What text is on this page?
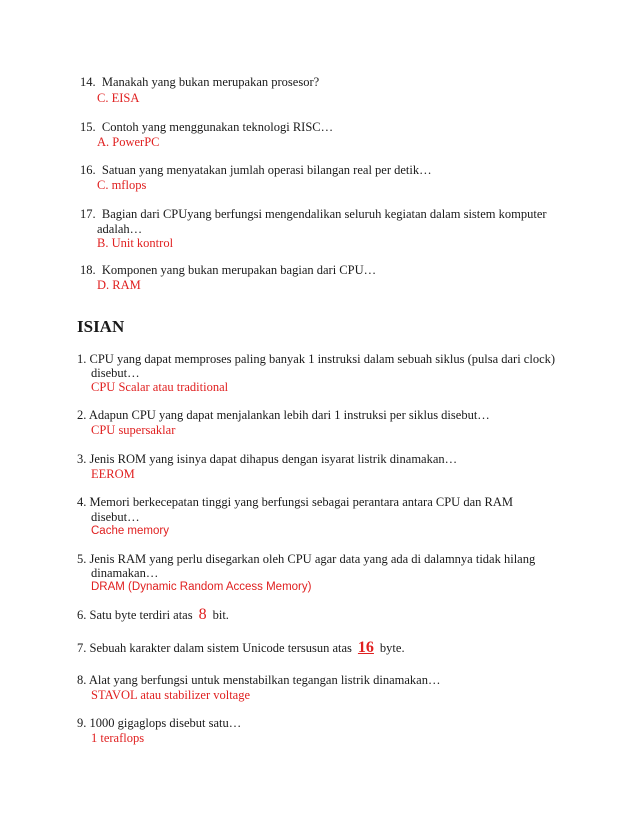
14. Manakah yang bukan merupakan prosesor?
C. EISA
15. Contoh yang menggunakan teknologi RISC…
A. PowerPC
16. Satuan yang menyatakan jumlah operasi bilangan real per detik…
C. mflops
17. Bagian dari CPUyang berfungsi mengendalikan seluruh kegiatan dalam sistem komputer
adalah…
B. Unit kontrol
18. Komponen yang bukan merupakan bagian dari CPU…
D. RAM
ISIAN
1. CPU yang dapat memproses paling banyak 1 instruksi dalam sebuah siklus (pulsa dari clock)
disebut…
CPU Scalar atau traditional
2. Adapun CPU yang dapat menjalankan lebih dari 1 instruksi per siklus disebut…
CPU supersaklar
3. Jenis ROM yang isinya dapat dihapus dengan isyarat listrik dinamakan…
EEROM
4. Memori berkecepatan tinggi yang berfungsi sebagai perantara antara CPU dan RAM
disebut…
Cache memory
5. Jenis RAM yang perlu disegarkan oleh CPU agar data yang ada di dalamnya tidak hilang
dinamakan…
DRAM (Dynamic Random Access Memory)
6. Satu byte terdiri atas 8 bit.
7. Sebuah karakter dalam sistem Unicode tersusun atas 16 byte.
8. Alat yang berfungsi untuk menstabilkan tegangan listrik dinamakan…
STAVOL atau stabilizer voltage
9. 1000 gigaglops disebut satu…
1 teraflops
